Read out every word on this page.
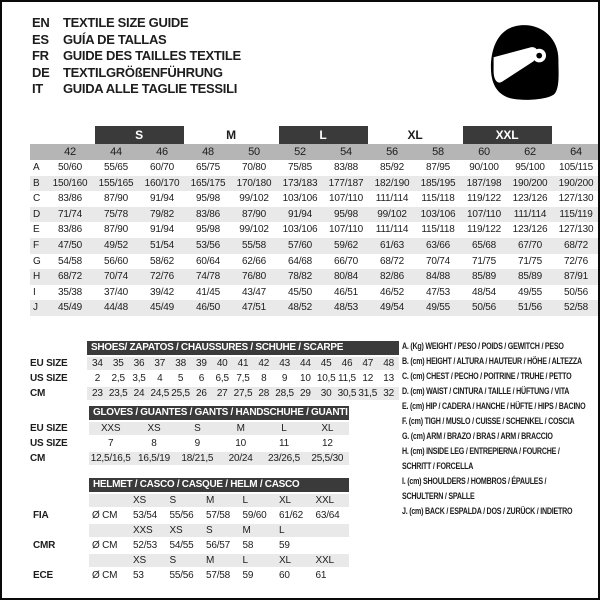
EN	TEXTILE SIZE GUIDE
ES	GUÍA DE TALLAS
FR	GUIDE DES TAILLES TEXTILE
DE	TEXTILGRÖßENFÜHRUNG
IT	GUIDA ALLE TAGLIE TESSILI
		S		M		L		XL		XXL		
	42	44	46	48	50	52	54	56	58	60	62	64
A	50/60	55/65	60/70	65/75	70/80	75/85	83/88	85/92	87/95	90/100	95/100	105/115
B	150/160	155/165	160/170	165/175	170/180	173/183	177/187	182/190	185/195	187/198	190/200	190/200
C	83/86	87/90	91/94	95/98	99/102	103/106	107/110	111/114	115/118	119/122	123/126	127/130
D	71/74	75/78	79/82	83/86	87/90	91/94	95/98	99/102	103/106	107/110	111/114	115/119
E	83/86	87/90	91/94	95/98	99/102	103/106	107/110	111/114	115/118	119/122	123/126	127/130
F	47/50	49/52	51/54	53/56	55/58	57/60	59/62	61/63	63/66	65/68	67/70	68/72
G	54/58	56/60	58/62	60/64	62/66	64/68	66/70	68/72	70/74	71/75	71/75	72/76
H	68/72	70/74	72/76	74/78	76/80	78/82	80/84	82/86	84/88	85/89	85/89	87/91
I	35/38	37/40	39/42	41/45	43/47	45/50	46/51	46/52	47/53	48/54	49/55	50/56
J	45/49	44/48	45/49	46/50	47/51	48/52	48/53	49/54	49/55	50/56	51/56	52/58
	SHOES/ ZAPATOS / CHAUSSURES / SCHUHE / SCARPE														
EU SIZE	34	35	36	37	38	39	40	41	42	43	44	45	46	47	48
US SIZE	2	2,5	3,5	4	5	6	6,5	7,5	8	9	10	10,5	11,5	12	13
CM	23	23,5	24	24,5	25,5	26	27	27,5	28	28,5	29	30	30,5	31,5	32
	GLOVES / GUANTES / GANTS / HANDSCHUHE / GUANTI					
EU SIZE	XXS	XS	S	M	L	XL
US SIZE	7	8	9	10	11	12
CM	12,5/16,5	16,5/19	18/21,5	20/24	23/26,5	25,5/30
	HELMET / CASCO / CASQUE / HELM / CASCO						
		XS	S	M	L	XL	XXL
FIA	Ø CM	53/54	55/56	57/58	59/60	61/62	63/64
		XXS	XS	S	M	L	
CMR	Ø CM	52/53	54/55	56/57	58	59	
		XS	S	M	L	XL	XXL
ECE	Ø CM	53	55/56	57/58	59	60	61
A. (Kg) WEIGHT / PESO / POIDS / GEWITCH / PESO
B. (cm) HEIGHT / ALTURA / HAUTEUR / HÖHE / ALTEZZA
C. (cm) CHEST / PECHO / POITRINE / TRUHE / PETTO
D. (cm) WAIST / CINTURA / TAILLE / HÜFTUNG / VITA
E. (cm) HIP / CADERA / HANCHE / HÜFTE / HIPS / BACINO
F. (cm) TIGH / MUSLO / CUISSE / SCHENKEL / COSCIA
G. (cm) ARM / BRAZO / BRAS / ARM / BRACCIO
H. (cm) INSIDE LEG / ENTREPIERNA / FOURCHE /
SCHRITT / FORCELLA
I. (cm) SHOULDERS / HOMBROS / ÉPAULES /
SCHULTERN / SPALLE
J. (cm) BACK / ESPALDA / DOS / ZURÜCK / INDIETRO
